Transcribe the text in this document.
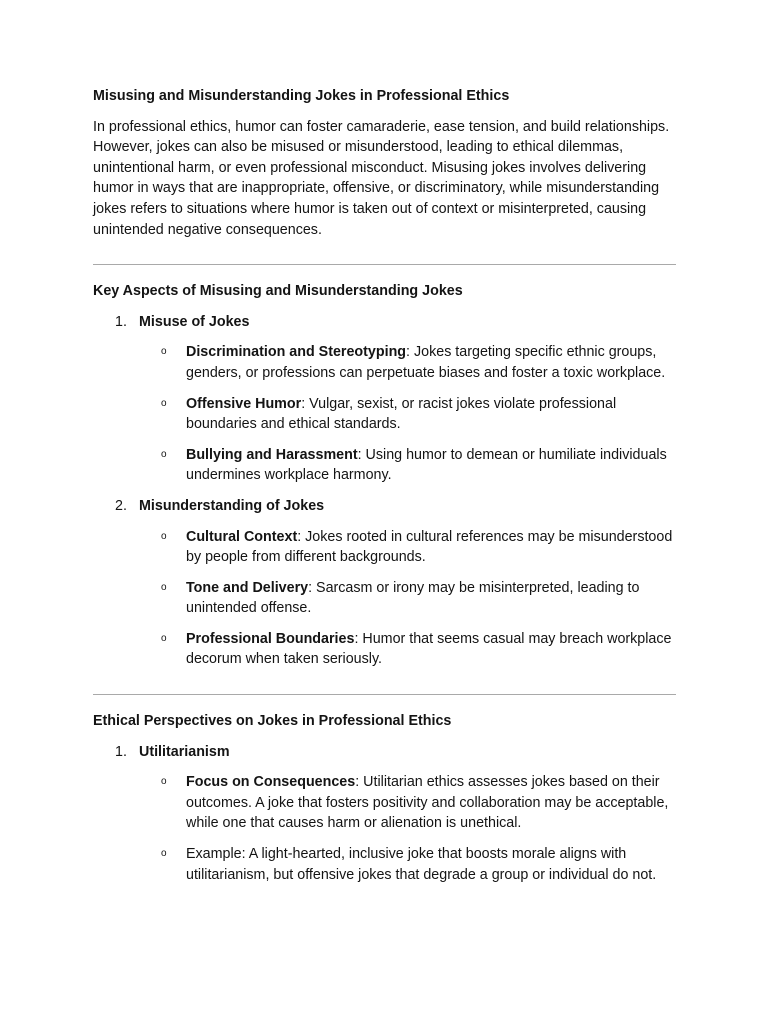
Misusing and Misunderstanding Jokes in Professional Ethics

In professional ethics, humor can foster camaraderie, ease tension, and build relationships. However, jokes can also be misused or misunderstood, leading to ethical dilemmas, unintentional harm, or even professional misconduct. Misusing jokes involves delivering humor in ways that are inappropriate, offensive, or discriminatory, while misunderstanding jokes refers to situations where humor is taken out of context or misinterpreted, causing unintended negative consequences.

Key Aspects of Misusing and Misunderstanding Jokes

1. Misuse of Jokes
o Discrimination and Stereotyping: Jokes targeting specific ethnic groups, genders, or professions can perpetuate biases and foster a toxic workplace.
o Offensive Humor: Vulgar, sexist, or racist jokes violate professional boundaries and ethical standards.
o Bullying and Harassment: Using humor to demean or humiliate individuals undermines workplace harmony.
2. Misunderstanding of Jokes
o Cultural Context: Jokes rooted in cultural references may be misunderstood by people from different backgrounds.
o Tone and Delivery: Sarcasm or irony may be misinterpreted, leading to unintended offense.
o Professional Boundaries: Humor that seems casual may breach workplace decorum when taken seriously.

Ethical Perspectives on Jokes in Professional Ethics

1. Utilitarianism
o Focus on Consequences: Utilitarian ethics assesses jokes based on their outcomes. A joke that fosters positivity and collaboration may be acceptable, while one that causes harm or alienation is unethical.
o Example: A light-hearted, inclusive joke that boosts morale aligns with utilitarianism, but offensive jokes that degrade a group or individual do not.
